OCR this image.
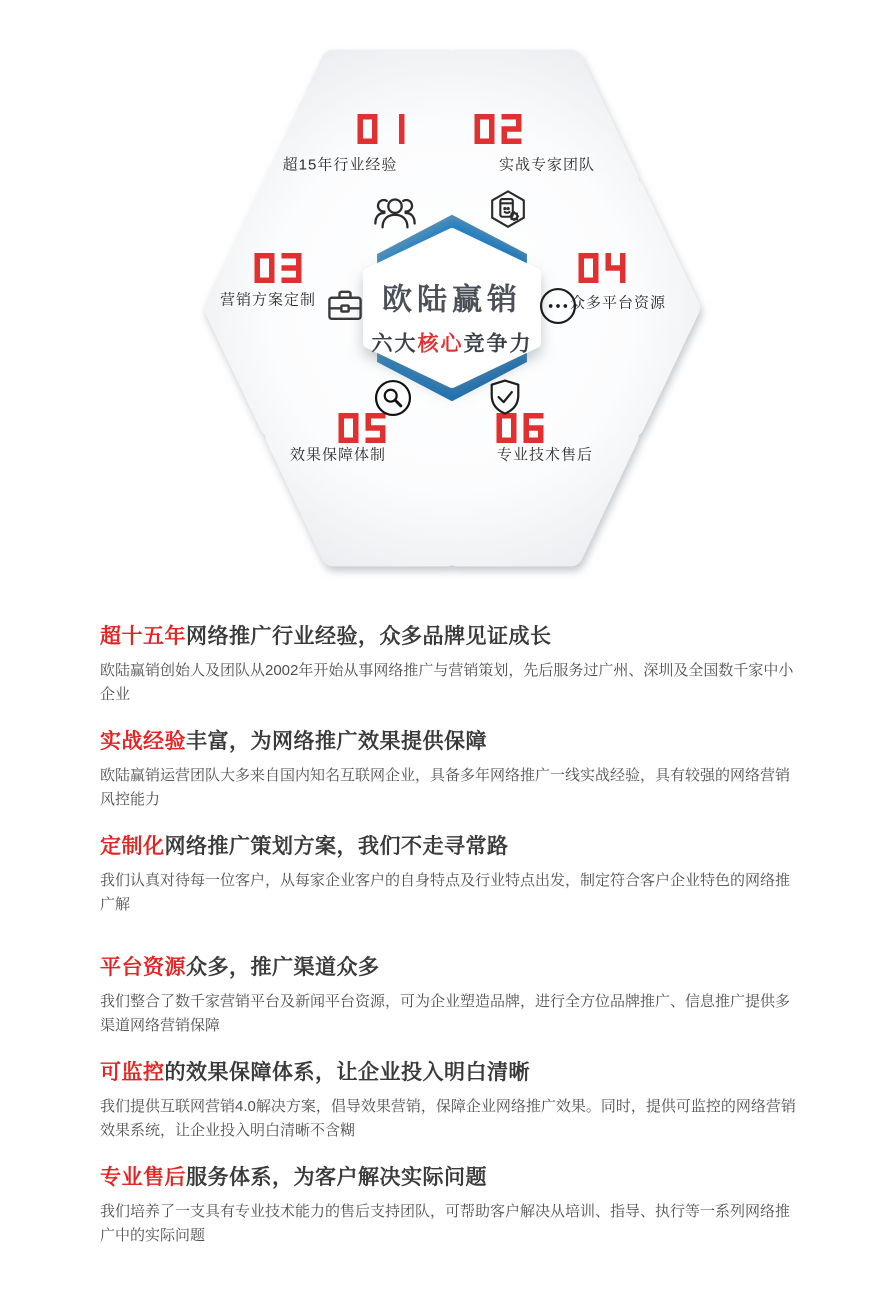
超15年行业经验	实战专家团队
营销方案定制	众多平台资源
效果保障体制	专业技术售后
欧陆赢销
六大核心竞争力
超十五年网络推广行业经验，众多品牌见证成长

欧陆赢销创始人及团队从2002年开始从事网络推广与营销策划，先后服务过广州、深圳及全国数千家中小企业

实战经验丰富，为网络推广效果提供保障

欧陆赢销运营团队大多来自国内知名互联网企业，具备多年网络推广一线实战经验，具有较强的网络营销风控能力

定制化网络推广策划方案，我们不走寻常路

我们认真对待每一位客户，从每家企业客户的自身特点及行业特点出发，制定符合客户企业特色的网络推广解

平台资源众多，推广渠道众多

我们整合了数千家营销平台及新闻平台资源，可为企业塑造品牌，进行全方位品牌推广、信息推广提供多渠道网络营销保障

可监控的效果保障体系，让企业投入明白清晰

我们提供互联网营销4.0解决方案，倡导效果营销，保障企业网络推广效果。同时，提供可监控的网络营销效果系统，让企业投入明白清晰不含糊

专业售后服务体系，为客户解决实际问题

我们培养了一支具有专业技术能力的售后支持团队，可帮助客户解决从培训、指导、执行等一系列网络推广中的实际问题
